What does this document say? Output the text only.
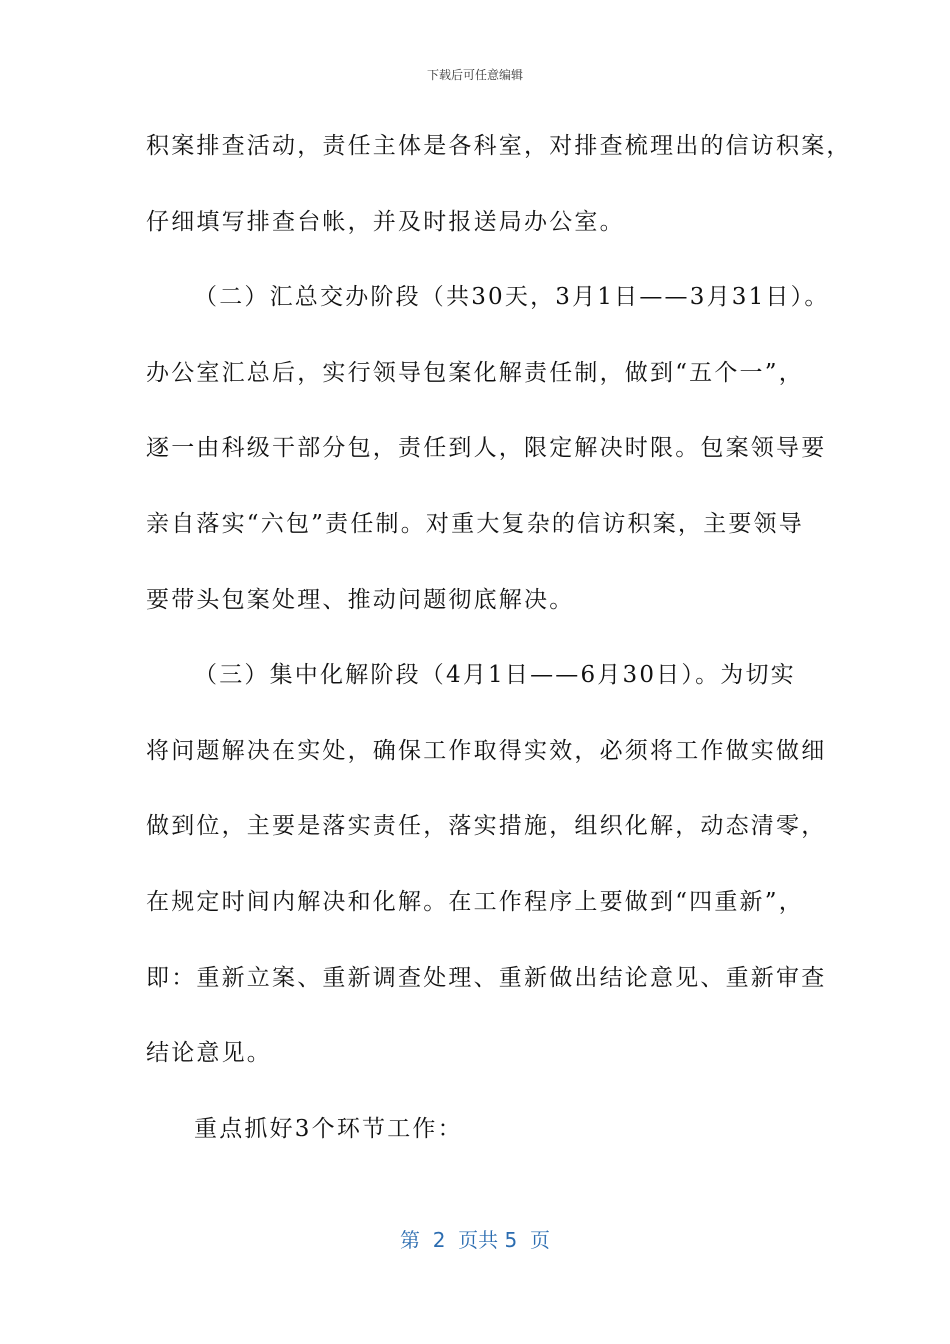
下载后可任意编辑
积案排查活动，责任主体是各科室，对排查梳理出的信访积案，
仔细填写排查台帐，并及时报送局办公室。
（二）汇总交办阶段（共30天，3月1日——3月31日）。
办公室汇总后，实行领导包案化解责任制，做到“五个一”，
逐一由科级干部分包，责任到人，限定解决时限。包案领导要
亲自落实“六包”责任制。对重大复杂的信访积案，主要领导
要带头包案处理、推动问题彻底解决。
（三）集中化解阶段（4月1日——6月30日）。为切实
将问题解决在实处，确保工作取得实效，必须将工作做实做细
做到位，主要是落实责任，落实措施，组织化解，动态清零，
在规定时间内解决和化解。在工作程序上要做到“四重新”，
即：重新立案、重新调查处理、重新做出结论意见、重新审查
结论意见。
重点抓好3个环节工作：
第  2  页共 5  页
